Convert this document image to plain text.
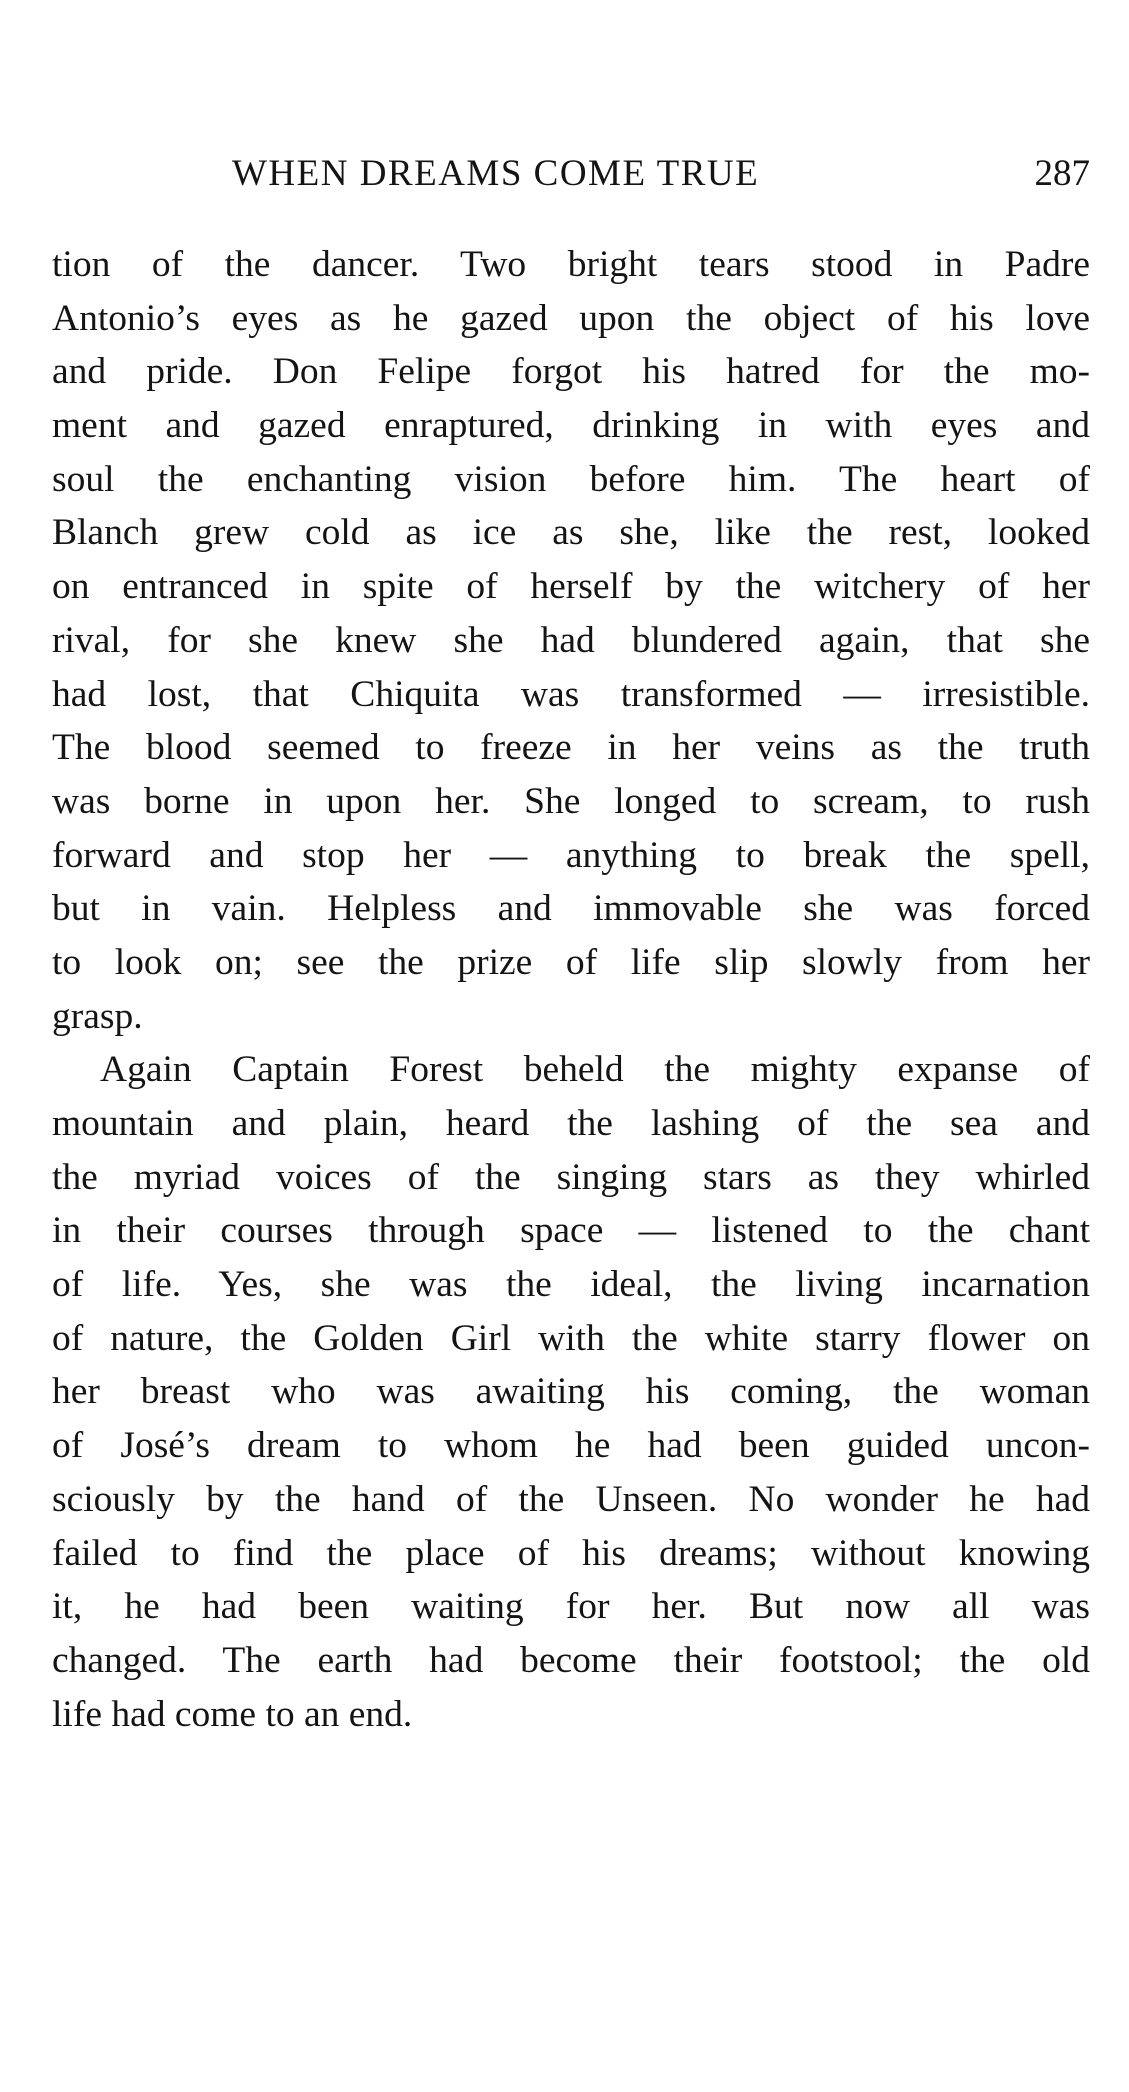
WHEN DREAMS COME TRUE	287
tion of the dancer. Two bright tears stood in Padre
Antonio’s eyes as he gazed upon the object of his love
and pride. Don Felipe forgot his hatred for the mo-
ment and gazed enraptured, drinking in with eyes and
soul the enchanting vision before him. The heart of
Blanch grew cold as ice as she, like the rest, looked
on entranced in spite of herself by the witchery of her
rival, for she knew she had blundered again, that she
had lost, that Chiquita was transformed — irresistible.
The blood seemed to freeze in her veins as the truth
was borne in upon her. She longed to scream, to rush
forward and stop her — anything to break the spell,
but in vain. Helpless and immovable she was forced
to look on; see the prize of life slip slowly from her
grasp.
Again Captain Forest beheld the mighty expanse of
mountain and plain, heard the lashing of the sea and
the myriad voices of the singing stars as they whirled
in their courses through space — listened to the chant
of life. Yes, she was the ideal, the living incarnation
of nature, the Golden Girl with the white starry flower on
her breast who was awaiting his coming, the woman
of José’s dream to whom he had been guided uncon-
sciously by the hand of the Unseen. No wonder he had
failed to find the place of his dreams; without knowing
it, he had been waiting for her. But now all was
changed. The earth had become their footstool; the old
life had come to an end.
